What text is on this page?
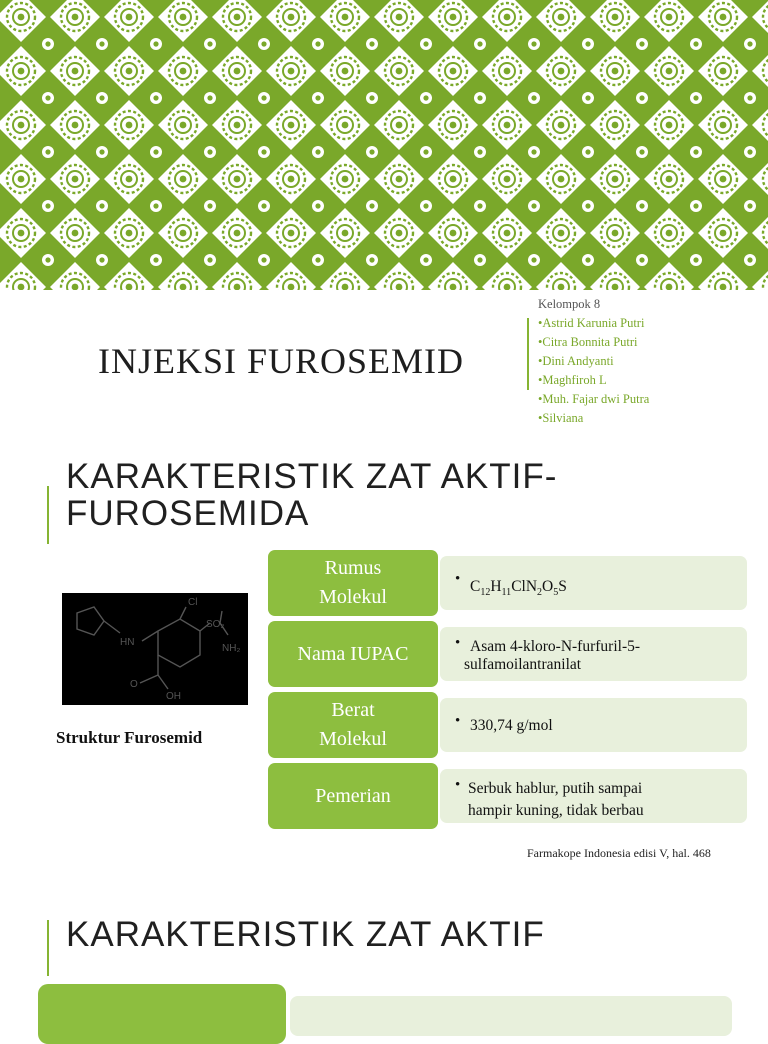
INJEKSI FUROSEMID
Kelompok 8
•Astrid Karunia Putri
•Citra Bonnita Putri
•Dini Andyanti
•Maghfiroh L
•Muh. Fajar dwi Putra
•Silviana
KARAKTERISTIK ZAT AKTIF-
FUROSEMIDA
Cl
SO₂
NH₂
HN
O
OH
Struktur Furosemid
Rumus
Molekul
• $C_{12}H_{11}ClN_2O_5S$
Nama IUPAC	• Asam 4-kloro-N-furfuril-5-
sulfamoilantranilat
Berat
Molekul
• 330,74 g/mol
Pemerian	• Serbuk hablur, putih sampai
hampir kuning, tidak berbau
Farmakope Indonesia edisi V, hal. 468
KARAKTERISTIK ZAT AKTIF
